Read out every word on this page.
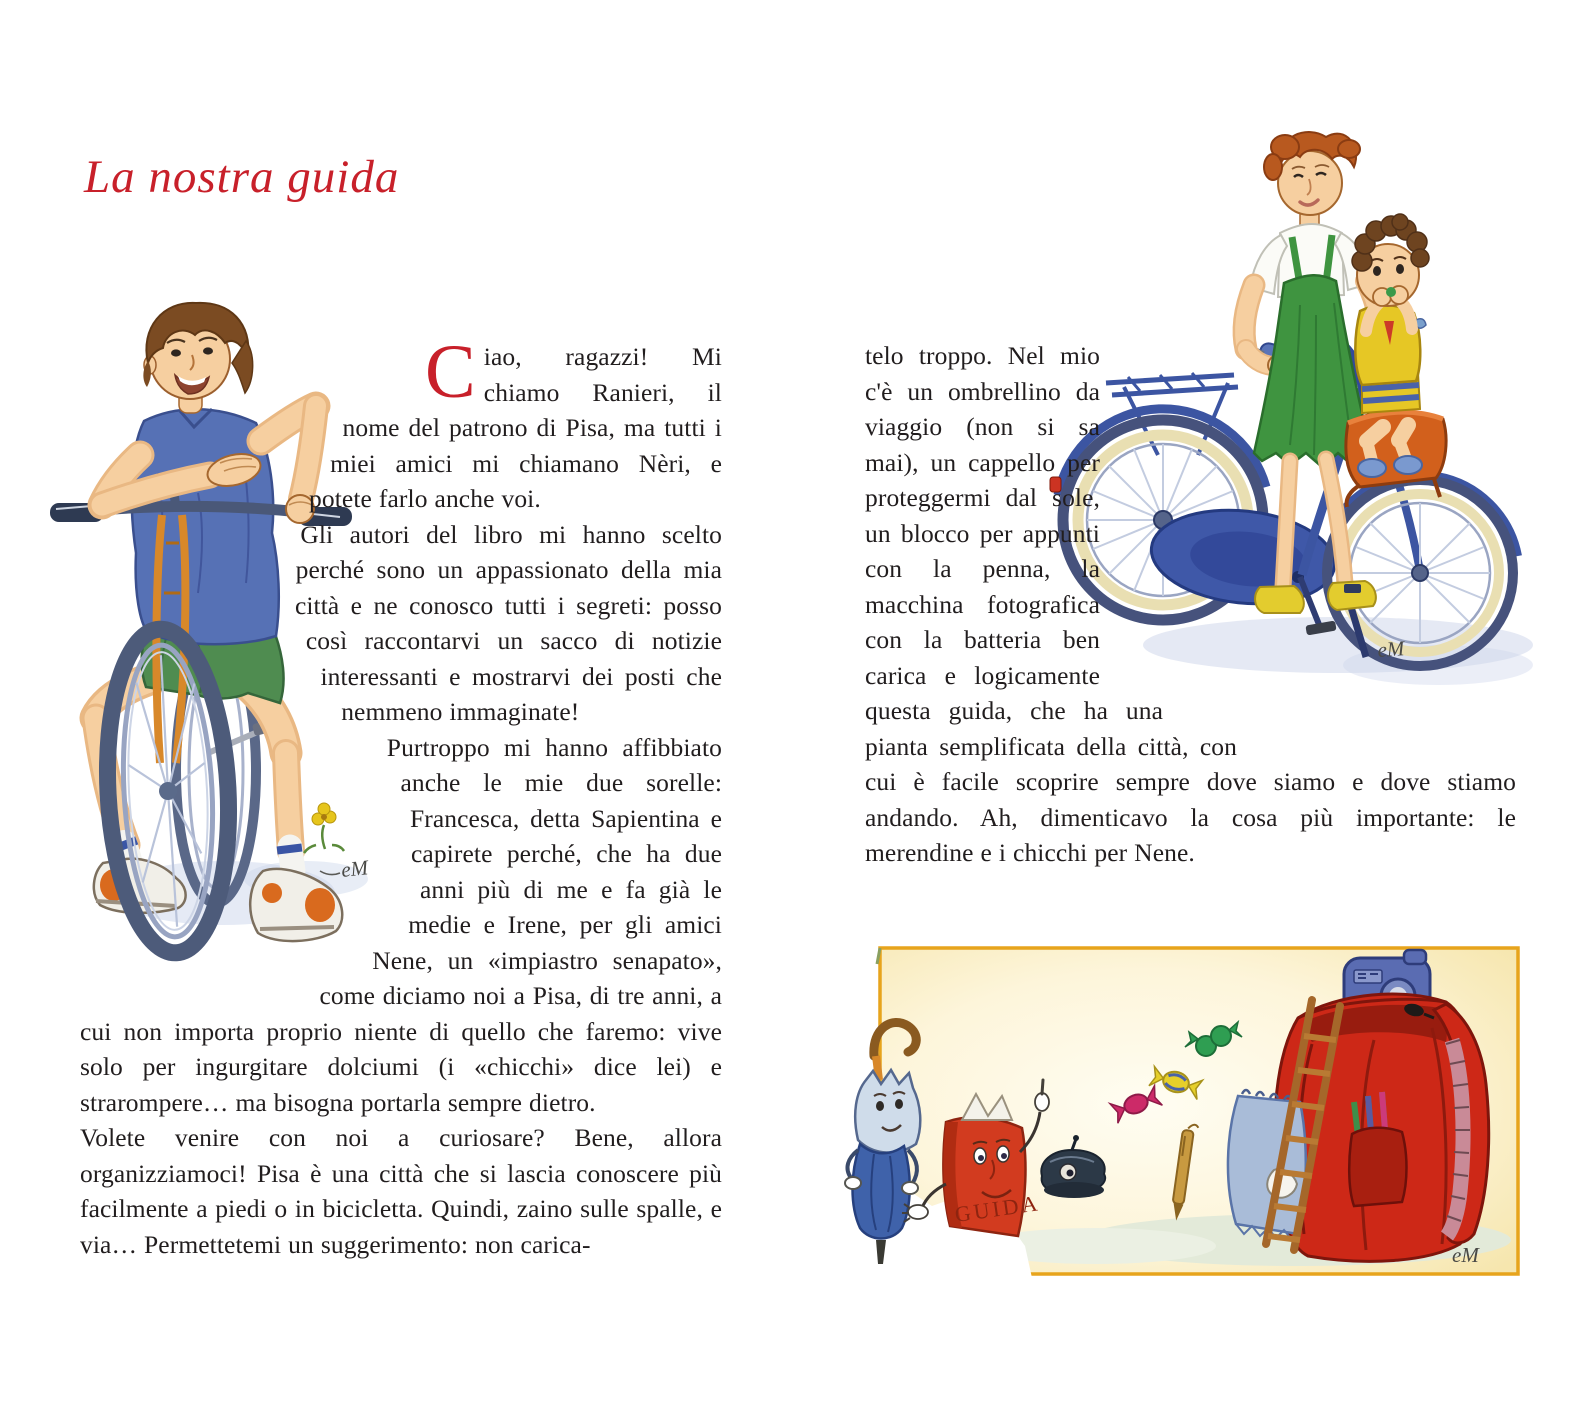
La nostra guida
eM

Ciao, ragazzi! Mi chiamo Ranieri, il nome del patrono di Pisa, ma tutti i miei amici mi chiamano Nèri, e potete farlo anche voi.

Gli autori del libro mi hanno scelto perché sono un appassionato della mia città e ne conosco tutti i segreti: posso così raccontarvi un sacco di notizie interessanti e mostrarvi dei posti che nemmeno immaginate!

Purtroppo mi hanno affibbiato anche le mie due sorelle: Francesca, detta Sapientina e capirete perché, che ha due anni più di me e fa già le medie e Irene, per gli amici Nene, un «impiastro senapato», come diciamo noi a Pisa, di tre anni, a cui non importa proprio niente di quello che faremo: vive solo per ingurgitare dolciumi (i «chicchi» dice lei) e strarompere… ma bisogna portarla sempre dietro.

Volete venire con noi a curiosare? Bene, allora organizziamoci! Pisa è una città che si lascia conoscere più facilmente a piedi o in bicicletta. Quindi, zaino sulle spalle, e via… Permettetemi un suggerimento: non carica-

eM

telo troppo. Nel mio c'è un ombrellino da viaggio (non si sa mai), un cappello per proteggermi dal sole, un blocco per appunti con la penna, la macchina fotografica con la batteria ben carica e logicamente questa guida, che ha una pianta semplificata della città, con cui è facile scoprire sempre dove siamo e dove stiamo andando. Ah, dimenticavo la cosa più importante: le merendine e i chicchi per Nene.

GUIDA
eM
